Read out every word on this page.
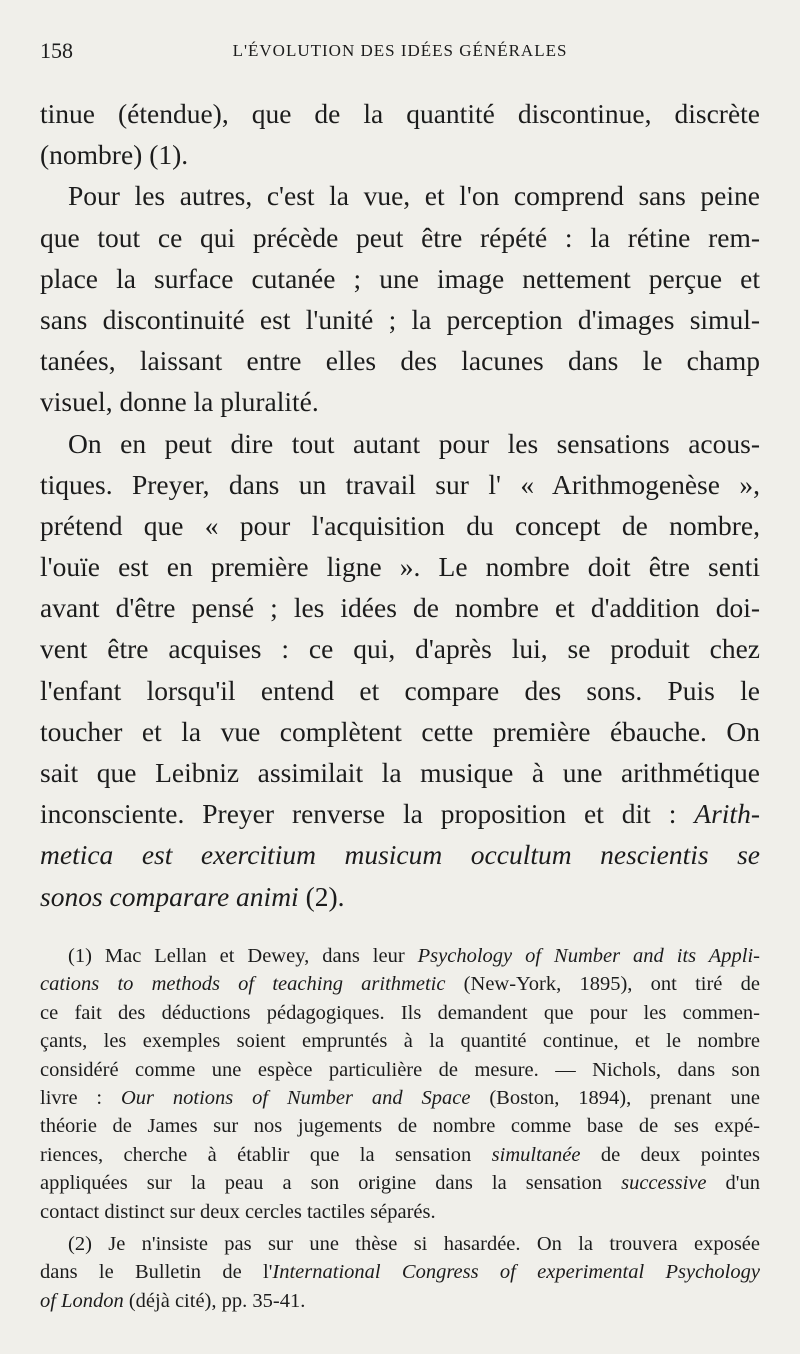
158	L'ÉVOLUTION DES IDÉES GÉNÉRALES
tinue (étendue), que de la quantité discontinue, discrète
(nombre) (1).
Pour les autres, c'est la vue, et l'on comprend sans peine
que tout ce qui précède peut être répété : la rétine rem-
place la surface cutanée ; une image nettement perçue et
sans discontinuité est l'unité ; la perception d'images simul-
tanées, laissant entre elles des lacunes dans le champ
visuel, donne la pluralité.
On en peut dire tout autant pour les sensations acous-
tiques. Preyer, dans un travail sur l' « Arithmogenèse »,
prétend que « pour l'acquisition du concept de nombre,
l'ouïe est en première ligne ». Le nombre doit être senti
avant d'être pensé ; les idées de nombre et d'addition doi-
vent être acquises : ce qui, d'après lui, se produit chez
l'enfant lorsqu'il entend et compare des sons. Puis le
toucher et la vue complètent cette première ébauche. On
sait que Leibniz assimilait la musique à une arithmétique
inconsciente. Preyer renverse la proposition et dit : Arith-
metica est exercitium musicum occultum nescientis se
sonos comparare animi (2).
(1) Mac Lellan et Dewey, dans leur Psychology of Number and its Appli-
cations to methods of teaching arithmetic (New-York, 1895), ont tiré de
ce fait des déductions pédagogiques. Ils demandent que pour les commen-
çants, les exemples soient empruntés à la quantité continue, et le nombre
considéré comme une espèce particulière de mesure. — Nichols, dans son
livre : Our notions of Number and Space (Boston, 1894), prenant une
théorie de James sur nos jugements de nombre comme base de ses expé-
riences, cherche à établir que la sensation simultanée de deux pointes
appliquées sur la peau a son origine dans la sensation successive d'un
contact distinct sur deux cercles tactiles séparés.
(2) Je n'insiste pas sur une thèse si hasardée. On la trouvera exposée
dans le Bulletin de l'International Congress of experimental Psychology
of London (déjà cité), pp. 35-41.
